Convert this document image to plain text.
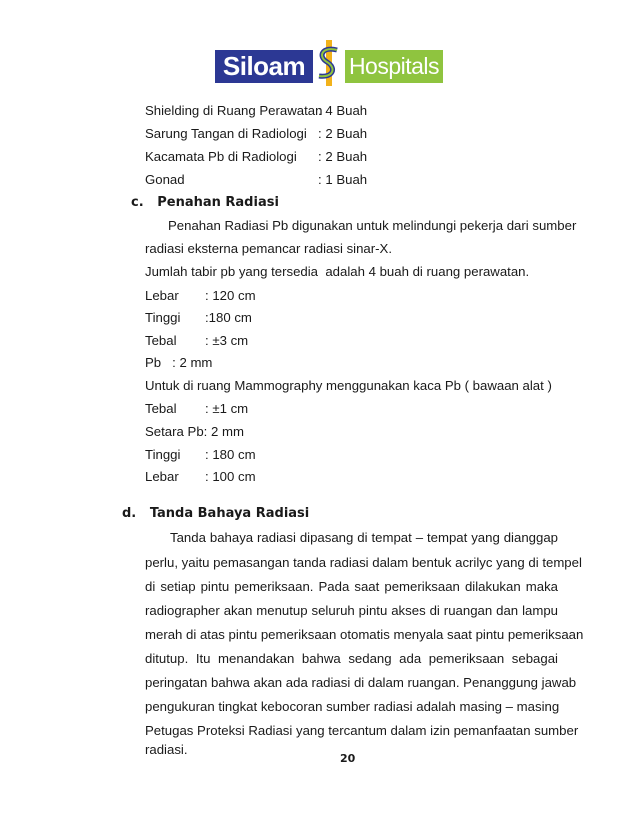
Siloam	Hospitals
Shielding di Ruang Perawatan
: 4 Buah
Sarung Tangan di Radiologi : 2 Buah
Kacamata Pb di Radiologi : 2 Buah
Gonad	: 1 Buah
c.   Penahan Radiasi
Penahan Radiasi Pb digunakan untuk melindungi pekerja dari sumber
radiasi eksterna pemancar radiasi sinar-X.
Jumlah tabir pb yang tersedia  adalah 4 buah di ruang perawatan.
Lebar : 120 cm
Tinggi :180 cm
Tebal : ±3 cm
Pb   : 2 mm
Untuk di ruang Mammography menggunakan kaca Pb ( bawaan alat )
Tebal : ±1 cm
Setara Pb: 2 mm
Tinggi : 180 cm
Lebar : 100 cm
d.   Tanda Bahaya Radiasi
Tanda bahaya radiasi dipasang di tempat – tempat yang dianggap
perlu, yaitu pemasangan tanda radiasi dalam bentuk acrilyc yang di tempel
di setiap pintu pemeriksaan. Pada saat pemeriksaan dilakukan maka
radiographer akan menutup seluruh pintu akses di ruangan dan lampu
merah di atas pintu pemeriksaan otomatis menyala saat pintu pemeriksaan
ditutup. Itu menandakan bahwa sedang ada pemeriksaan sebagai
peringatan bahwa akan ada radiasi di dalam ruangan. Penanggung jawab
pengukuran tingkat kebocoran sumber radiasi adalah masing – masing
Petugas Proteksi Radiasi yang tercantum dalam izin pemanfaatan sumber
radiasi.
20
